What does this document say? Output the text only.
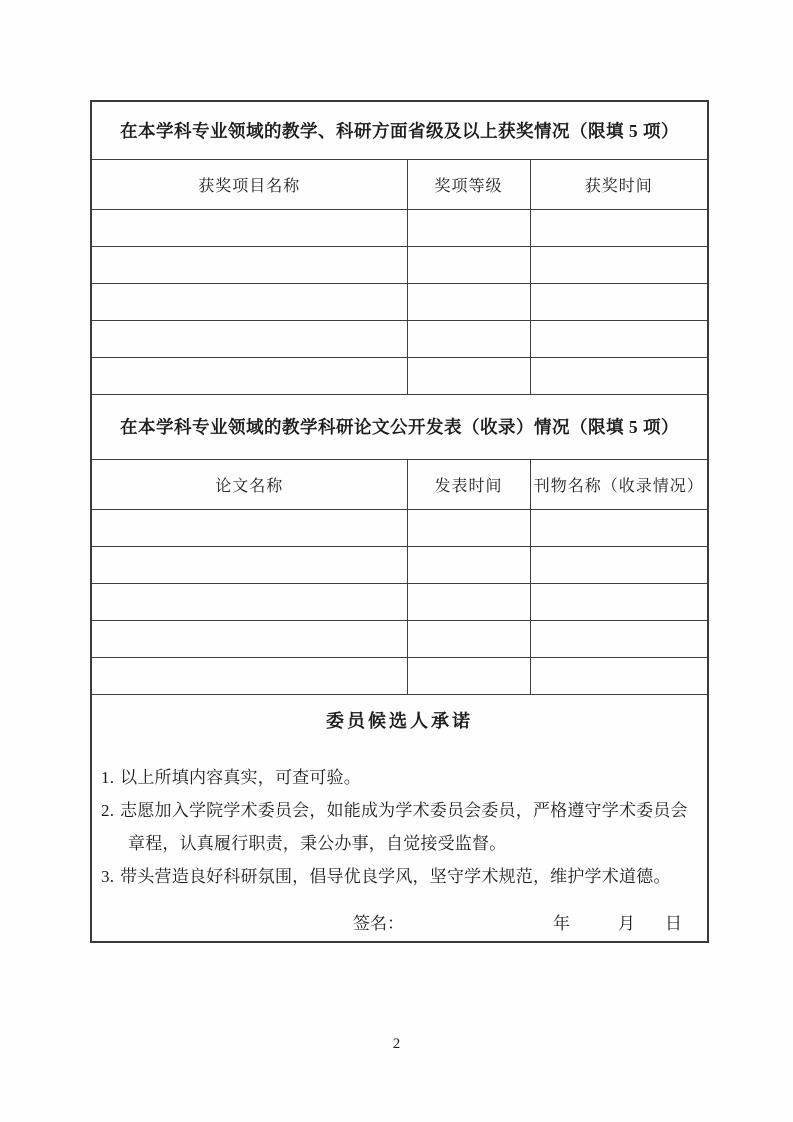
在本学科专业领域的教学、科研方面省级及以上获奖情况（限填 5 项）		
获奖项目名称	奖项等级	获奖时间

在本学科专业领域的教学科研论文公开发表（收录）情况（限填 5 项）		
论文名称	发表时间	刊物名称（收录情况）

委员候选人承诺
1. 以上所填内容真实，可查可验。
2. 志愿加入学院学术委员会，如能成为学术委员会委员，严格遵守学术委员会章程，认真履行职责，秉公办事，自觉接受监督。
3. 带头营造良好科研氛围，倡导优良学风，坚守学术规范，维护学术道德。
签名：	年	月 日
2
